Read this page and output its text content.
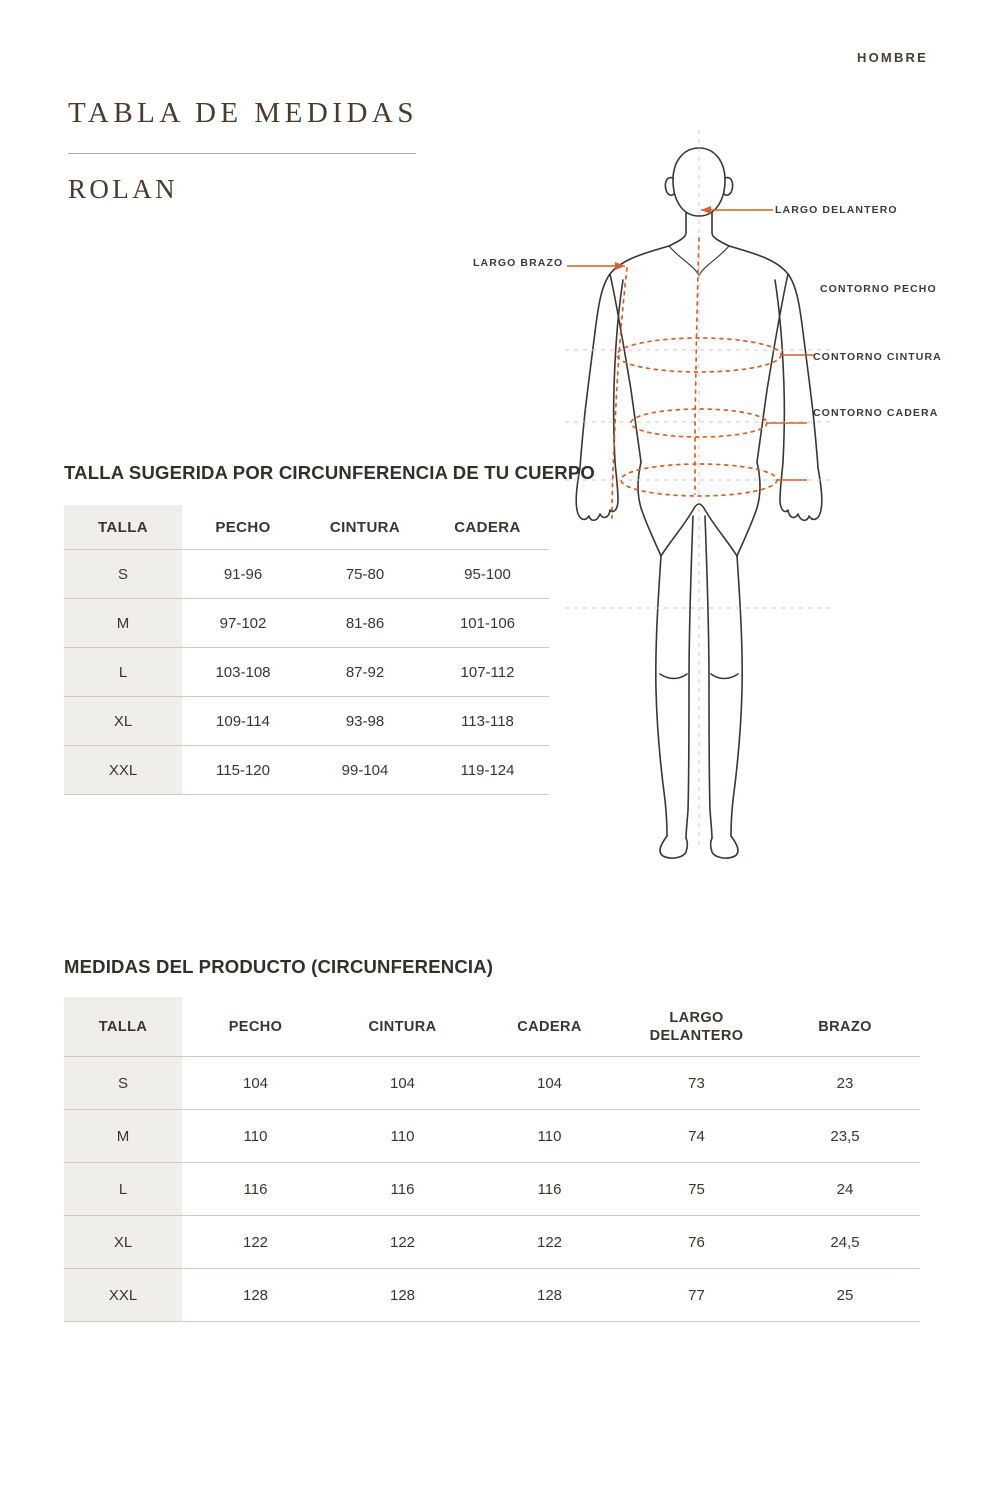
HOMBRE
TABLA DE MEDIDAS
ROLAN
LARGO DELANTERO
LARGO BRAZO
CONTORNO PECHO
CONTORNO CINTURA
CONTORNO CADERA
TALLA SUGERIDA POR CIRCUNFERENCIA DE TU CUERPO
TALLA	PECHO	CINTURA	CADERA
S	91-96	75-80	95-100
M	97-102	81-86	101-106
L	103-108	87-92	107-112
XL	109-114	93-98	113-118
XXL	115-120	99-104	119-124
MEDIDAS DEL PRODUCTO (CIRCUNFERENCIA)
TALLA	PECHO	CINTURA	CADERA	LARGO
DELANTERO	BRAZO
S	104	104	104	73	23
M	110	110	110	74	23,5
L	116	116	116	75	24
XL	122	122	122	76	24,5
XXL	128	128	128	77	25
